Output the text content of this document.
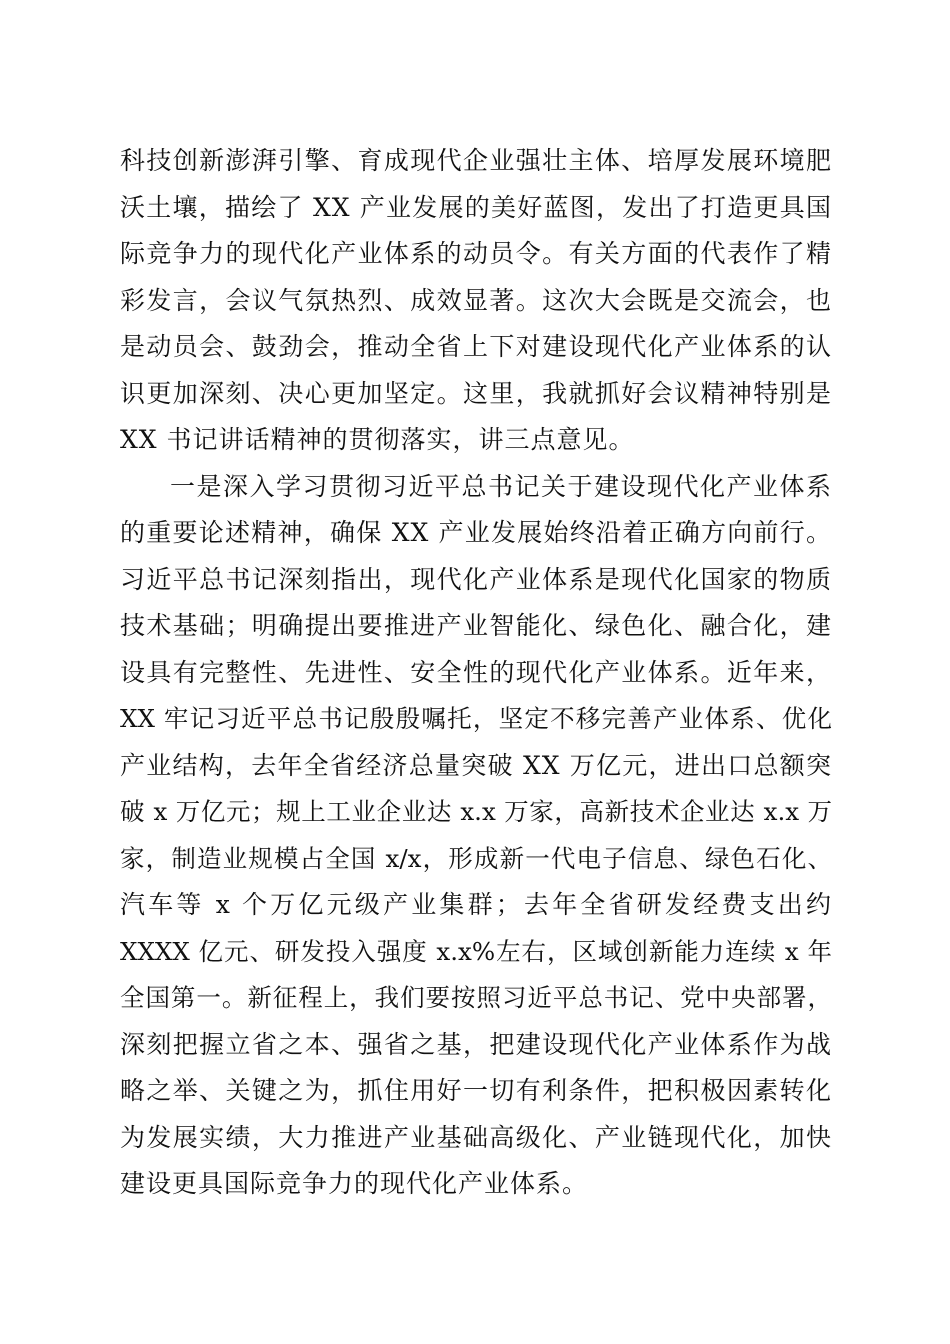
科技创新澎湃引擎、育成现代企业强壮主体、培厚发展环境肥
沃土壤，描绘了 XX 产业发展的美好蓝图，发出了打造更具国
际竞争力的现代化产业体系的动员令。有关方面的代表作了精
彩发言，会议气氛热烈、成效显著。这次大会既是交流会，也
是动员会、鼓劲会，推动全省上下对建设现代化产业体系的认
识更加深刻、决心更加坚定。这里，我就抓好会议精神特别是
XX 书记讲话精神的贯彻落实，讲三点意见。
一是深入学习贯彻习近平总书记关于建设现代化产业体系
的重要论述精神，确保 XX 产业发展始终沿着正确方向前行。
习近平总书记深刻指出，现代化产业体系是现代化国家的物质
技术基础；明确提出要推进产业智能化、绿色化、融合化，建
设具有完整性、先进性、安全性的现代化产业体系。近年来，
XX 牢记习近平总书记殷殷嘱托，坚定不移完善产业体系、优化
产业结构，去年全省经济总量突破 XX 万亿元，进出口总额突
破 x 万亿元；规上工业企业达 x.x 万家，高新技术企业达 x.x 万
家，制造业规模占全国 x/x，形成新一代电子信息、绿色石化、
汽车等 x 个万亿元级产业集群；去年全省研发经费支出约
XXXX 亿元、研发投入强度 x.x%左右，区域创新能力连续 x 年
全国第一。新征程上，我们要按照习近平总书记、党中央部署，
深刻把握立省之本、强省之基，把建设现代化产业体系作为战
略之举、关键之为，抓住用好一切有利条件，把积极因素转化
为发展实绩，大力推进产业基础高级化、产业链现代化，加快
建设更具国际竞争力的现代化产业体系。
